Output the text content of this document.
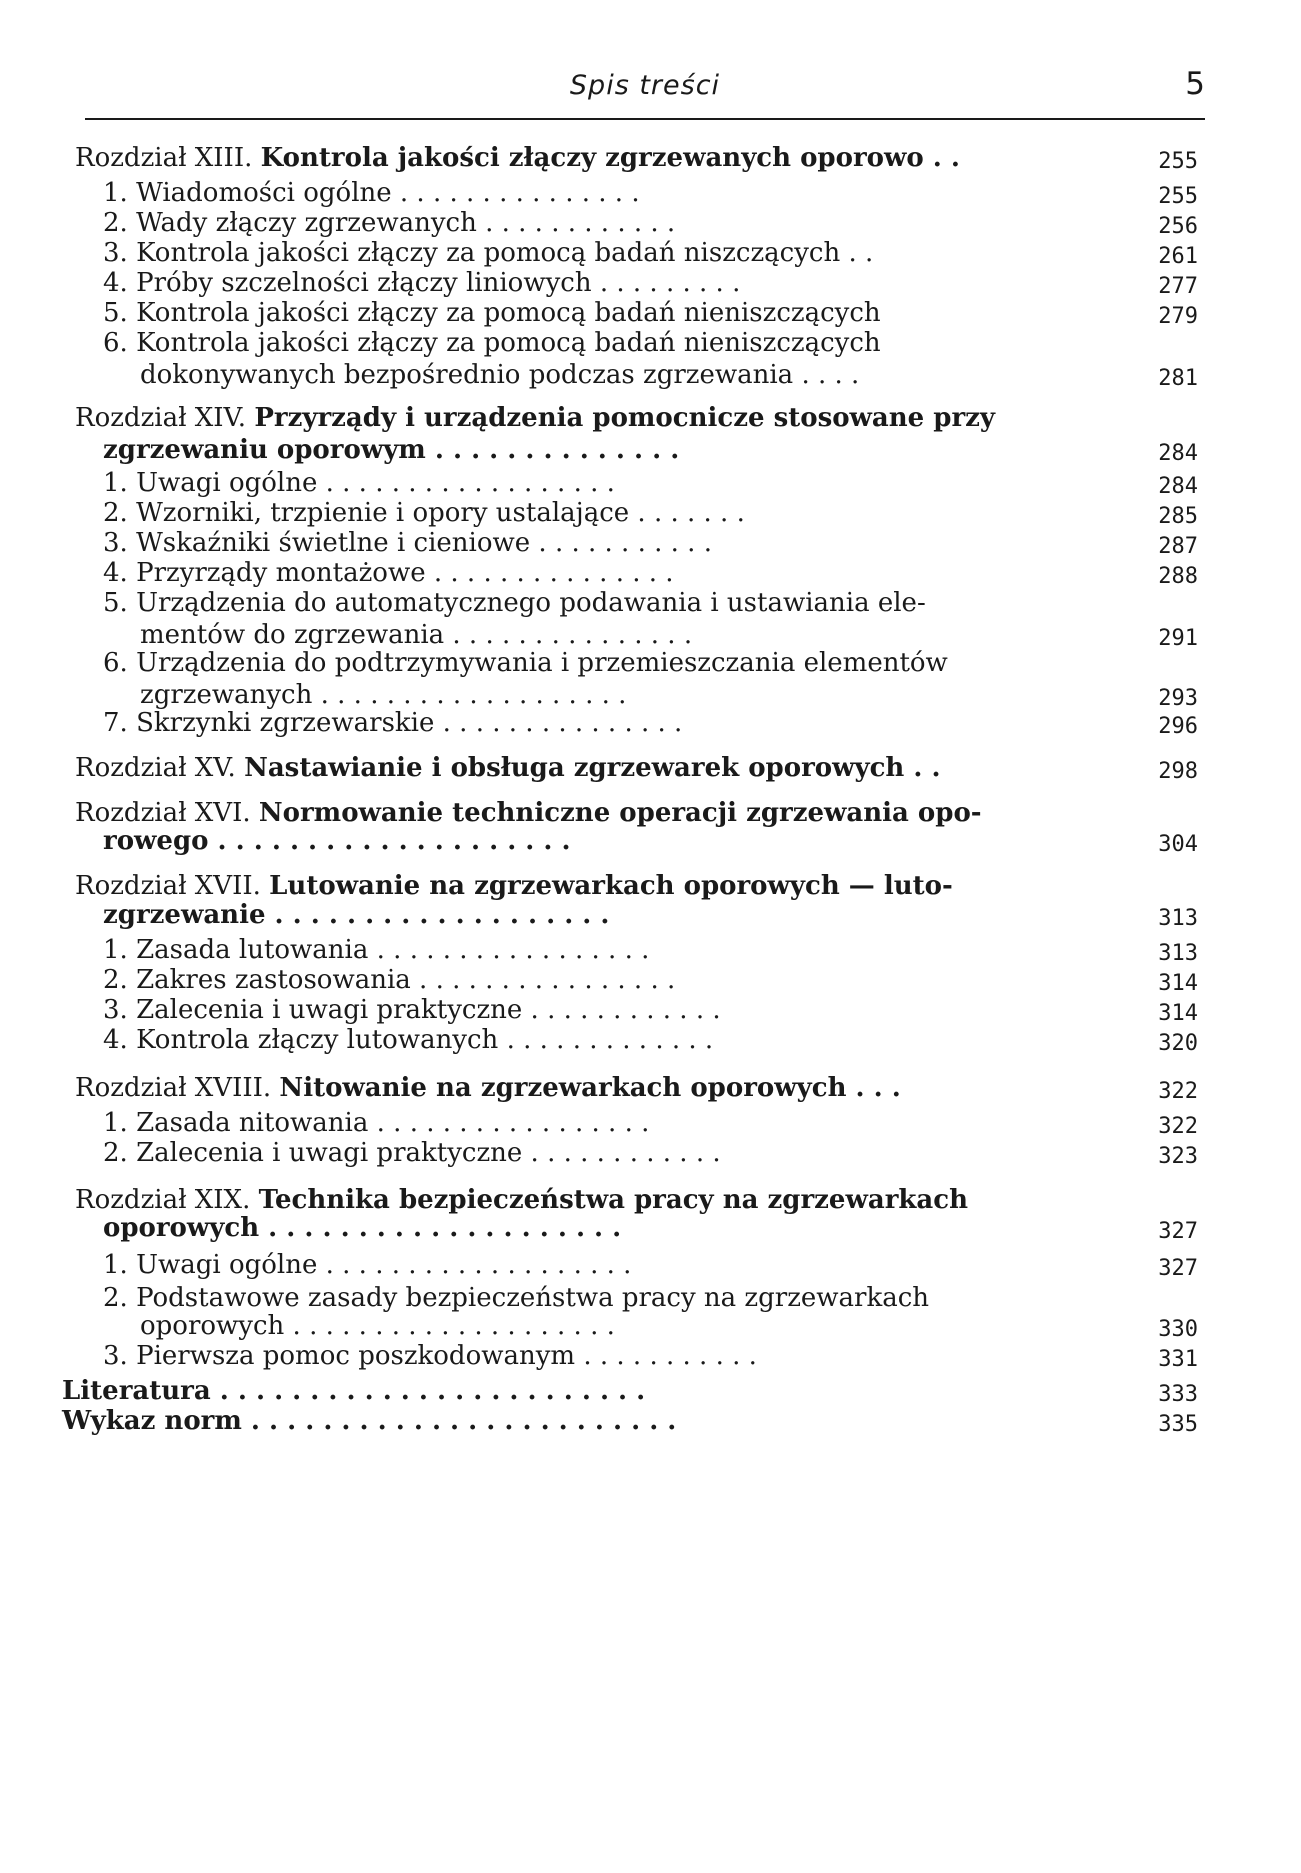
Spis treści	5
Rozdział XIII. Kontrola jakości złączy zgrzewanych oporowo . .	255
1. Wiadomości ogólne . . . . . . . . . . . . . . .	255
2. Wady złączy zgrzewanych . . . . . . . . . . . .	256
3. Kontrola jakości złączy za pomocą badań niszczących . .	261
4. Próby szczelności złączy liniowych . . . . . . . . .	277
5. Kontrola jakości złączy za pomocą badań nieniszczących	279
6. Kontrola jakości złączy za pomocą badań nieniszczących
dokonywanych bezpośrednio podczas zgrzewania . . . .	281
Rozdział XIV. Przyrządy i urządzenia pomocnicze stosowane przy
zgrzewaniu oporowym . . . . . . . . . . . . . .	284
1. Uwagi ogólne . . . . . . . . . . . . . . . . . .	284
2. Wzorniki, trzpienie i opory ustalające . . . . . . .	285
3. Wskaźniki świetlne i cieniowe . . . . . . . . . . .	287
4. Przyrządy montażowe . . . . . . . . . . . . . . .	288
5. Urządzenia do automatycznego podawania i ustawiania ele-
mentów do zgrzewania . . . . . . . . . . . . . . .	291
6. Urządzenia do podtrzymywania i przemieszczania elementów
zgrzewanych . . . . . . . . . . . . . . . . . . .	293
7. Skrzynki zgrzewarskie . . . . . . . . . . . . . . .	296
Rozdział XV. Nastawianie i obsługa zgrzewarek oporowych . .	298
Rozdział XVI. Normowanie techniczne operacji zgrzewania opo-
rowego . . . . . . . . . . . . . . . . . . . .	304
Rozdział XVII. Lutowanie na zgrzewarkach oporowych — luto-
zgrzewanie . . . . . . . . . . . . . . . . . . .	313
1. Zasada lutowania . . . . . . . . . . . . . . . . .	313
2. Zakres zastosowania . . . . . . . . . . . . . . . .	314
3. Zalecenia i uwagi praktyczne . . . . . . . . . . . .	314
4. Kontrola złączy lutowanych . . . . . . . . . . . . .	320
Rozdział XVIII. Nitowanie na zgrzewarkach oporowych . . .	322
1. Zasada nitowania . . . . . . . . . . . . . . . . .	322
2. Zalecenia i uwagi praktyczne . . . . . . . . . . . .	323
Rozdział XIX. Technika bezpieczeństwa pracy na zgrzewarkach
oporowych . . . . . . . . . . . . . . . . . . . .	327
1. Uwagi ogólne . . . . . . . . . . . . . . . . . . .	327
2. Podstawowe zasady bezpieczeństwa pracy na zgrzewarkach
oporowych . . . . . . . . . . . . . . . . . . . .	330
3. Pierwsza pomoc poszkodowanym . . . . . . . . . . .	331
Literatura . . . . . . . . . . . . . . . . . . . . . . . .	333
Wykaz norm . . . . . . . . . . . . . . . . . . . . . . . .	335
